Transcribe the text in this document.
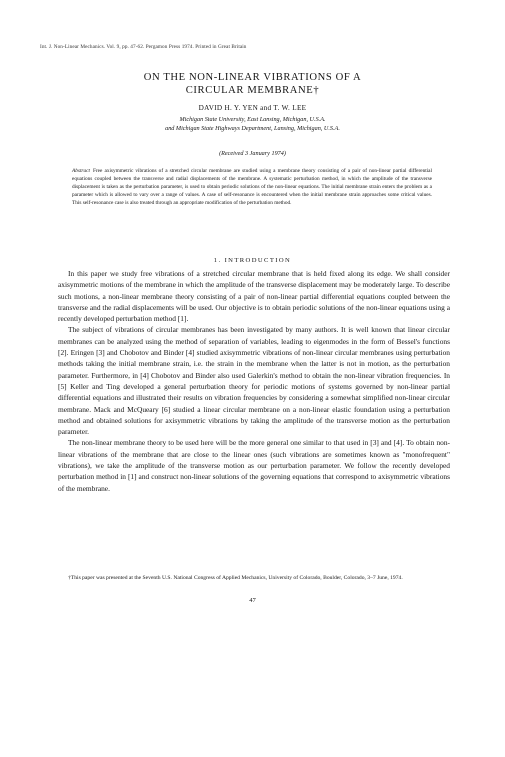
Int. J. Non-Linear Mechanics. Vol. 9, pp. 47-62. Pergamon Press 1974. Printed in Great Britain
ON THE NON-LINEAR VIBRATIONS OF A
CIRCULAR MEMBRANE†
DAVID H. Y. YEN and T. W. LEE
Michigan State University, East Lansing, Michigan, U.S.A.
and Michigan State Highways Department, Lansing, Michigan, U.S.A.
(Received 3 January 1974)
Abstract Free axisymmetric vibrations of a stretched circular membrane are studied using a membrane theory consisting of a pair of non-linear partial differential equations coupled between the transverse and radial displacements of the membrane. A systematic perturbation method, in which the amplitude of the transverse displacement is taken as the perturbation parameter, is used to obtain periodic solutions of the non-linear equations. The initial membrane strain enters the problem as a parameter which is allowed to vary over a range of values. A case of self-resonance is encountered when the initial membrane strain approaches some critical values. This self-resonance case is also treated through an appropriate modification of the perturbation method.
1. INTRODUCTION

In this paper we study free vibrations of a stretched circular membrane that is held fixed along its edge. We shall consider axisymmetric motions of the membrane in which the amplitude of the transverse displacement may be moderately large. To describe such motions, a non-linear membrane theory consisting of a pair of non-linear partial differential equations coupled between the transverse and the radial displacements will be used. Our objective is to obtain periodic solutions of the non-linear equations using a recently developed perturbation method [1].

The subject of vibrations of circular membranes has been investigated by many authors. It is well known that linear circular membranes can be analyzed using the method of separation of variables, leading to eigenmodes in the form of Bessel's functions [2]. Eringen [3] and Chobotov and Binder [4] studied axisymmetric vibrations of non-linear circular membranes using perturbation methods taking the initial membrane strain, i.e. the strain in the membrane when the latter is not in motion, as the perturbation parameter. Furthermore, in [4] Chobotov and Binder also used Galerkin's method to obtain the non-linear vibration frequencies. In [5] Keller and Ting developed a general perturbation theory for periodic motions of systems governed by non-linear partial differential equations and illustrated their results on vibration frequencies by considering a somewhat simplified non-linear circular membrane. Mack and McQueary [6] studied a linear circular membrane on a non-linear elastic foundation using a perturbation method and obtained solutions for axisymmetric vibrations by taking the amplitude of the transverse motion as the perturbation parameter.

The non-linear membrane theory to be used here will be the more general one similar to that used in [3] and [4]. To obtain non-linear vibrations of the membrane that are close to the linear ones (such vibrations are sometimes known as "monofrequent" vibrations), we take the amplitude of the transverse motion as our perturbation parameter. We follow the recently developed perturbation method in [1] and construct non-linear solutions of the governing equations that correspond to axisymmetric vibrations of the membrane.

†This paper was presented at the Seventh U.S. National Congress of Applied Mechanics, University of Colorado, Boulder, Colorado, 3–7 June, 1974.

47
